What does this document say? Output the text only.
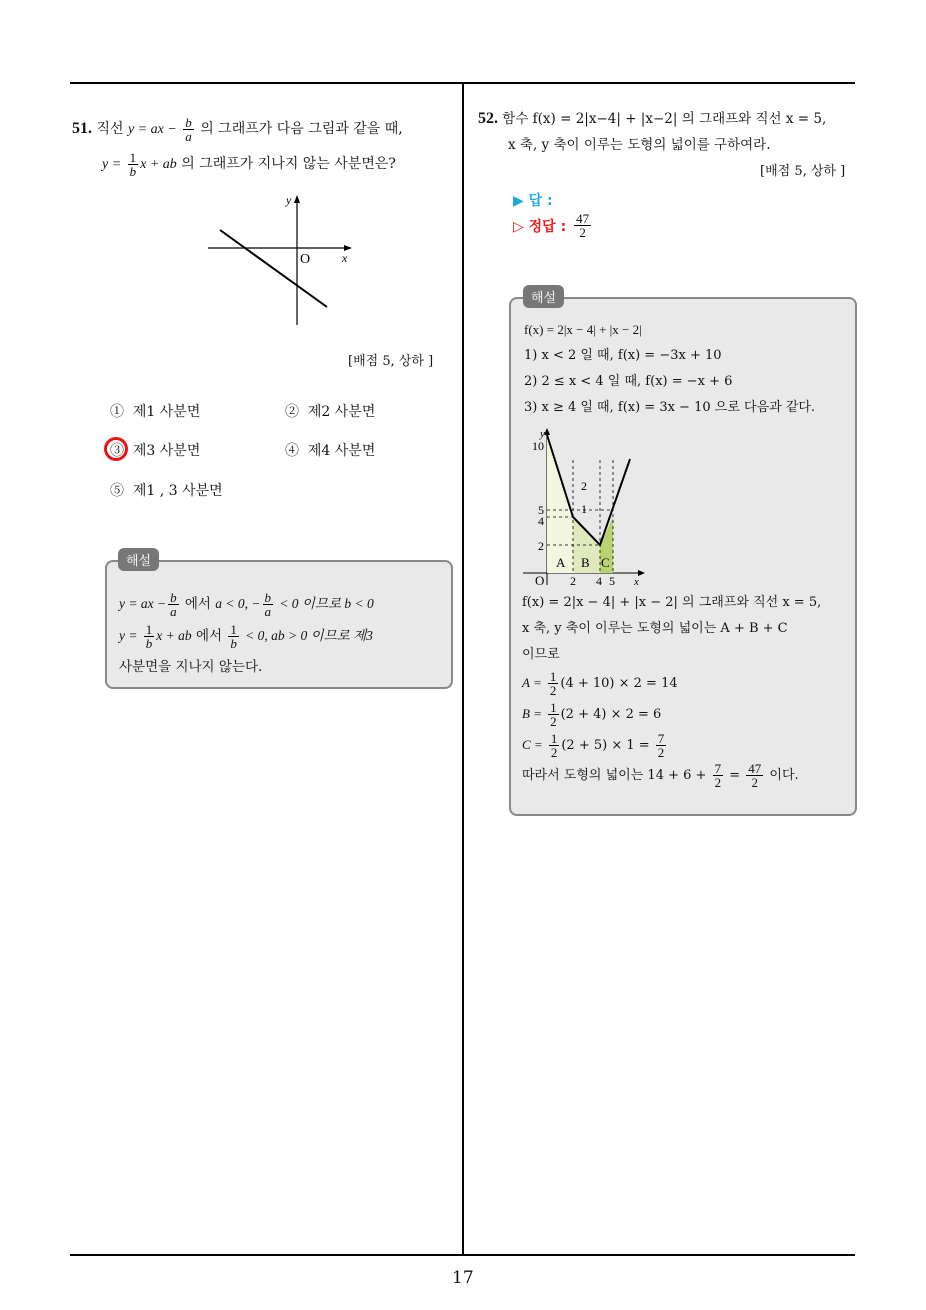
51. 직선 y = ax − $\frac{b}{a}$ 의 그래프가 다음 그림과 같을 때,
$y = \frac{1}{b}$ x + ab 의 그래프가 지나지 않는 사분면은?
y
x
O
[배점 5, 상하 ]
① 제1 사분면	② 제2 사분면
③ 제3 사분면	④ 제4 사분면
⑤ 제1 , 3 사분면
y = ax − $\frac{b}{a}$ 에서 a < 0, − $\frac{b}{a} < 0$ 이므로 b < 0
$y = \frac{1}{b}$ x + ab 에서 $\frac{1}{b} < 0$, ab > 0 이므로 제3
사분면을 지나지 않는다.
해설
52. 함수 f(x) = 2|x−4| + |x−2| 의 그래프와 직선 x = 5,
x 축, y 축이 이루는 도형의 넓이를 구하여라.
[배점 5, 상하 ]
▶ 답 :
▷ 정답 : $\frac{47}{2}$
f(x) = 2|x − 4| + |x − 2|
1) x < 2 일 때, f(x) = −3x + 10
2) 2 ≤ x < 4 일 때, f(x) = −x + 6
3) x ≥ 4 일 때, f(x) = 3x − 10 으로 다음과 같다.
해설
y
x
O
10
5
4
2
2 4 5
2
1
A B C
f(x) = 2|x − 4| + |x − 2| 의 그래프와 직선 x = 5,
x 축, y 축이 이루는 도형의 넓이는 A + B + C
이므로
$A = \frac{1}{2} (4 + 10) \times 2 = 14$
$B = \frac{1}{2} (2 + 4) \times 2 = 6$
$C = \frac{1}{2} (2 + 5) \times 1 = \frac{7}{2}$
따라서 도형의 넓이는 $14 + 6 + \frac{7}{2} = \frac{47}{2}$ 이다.
17
